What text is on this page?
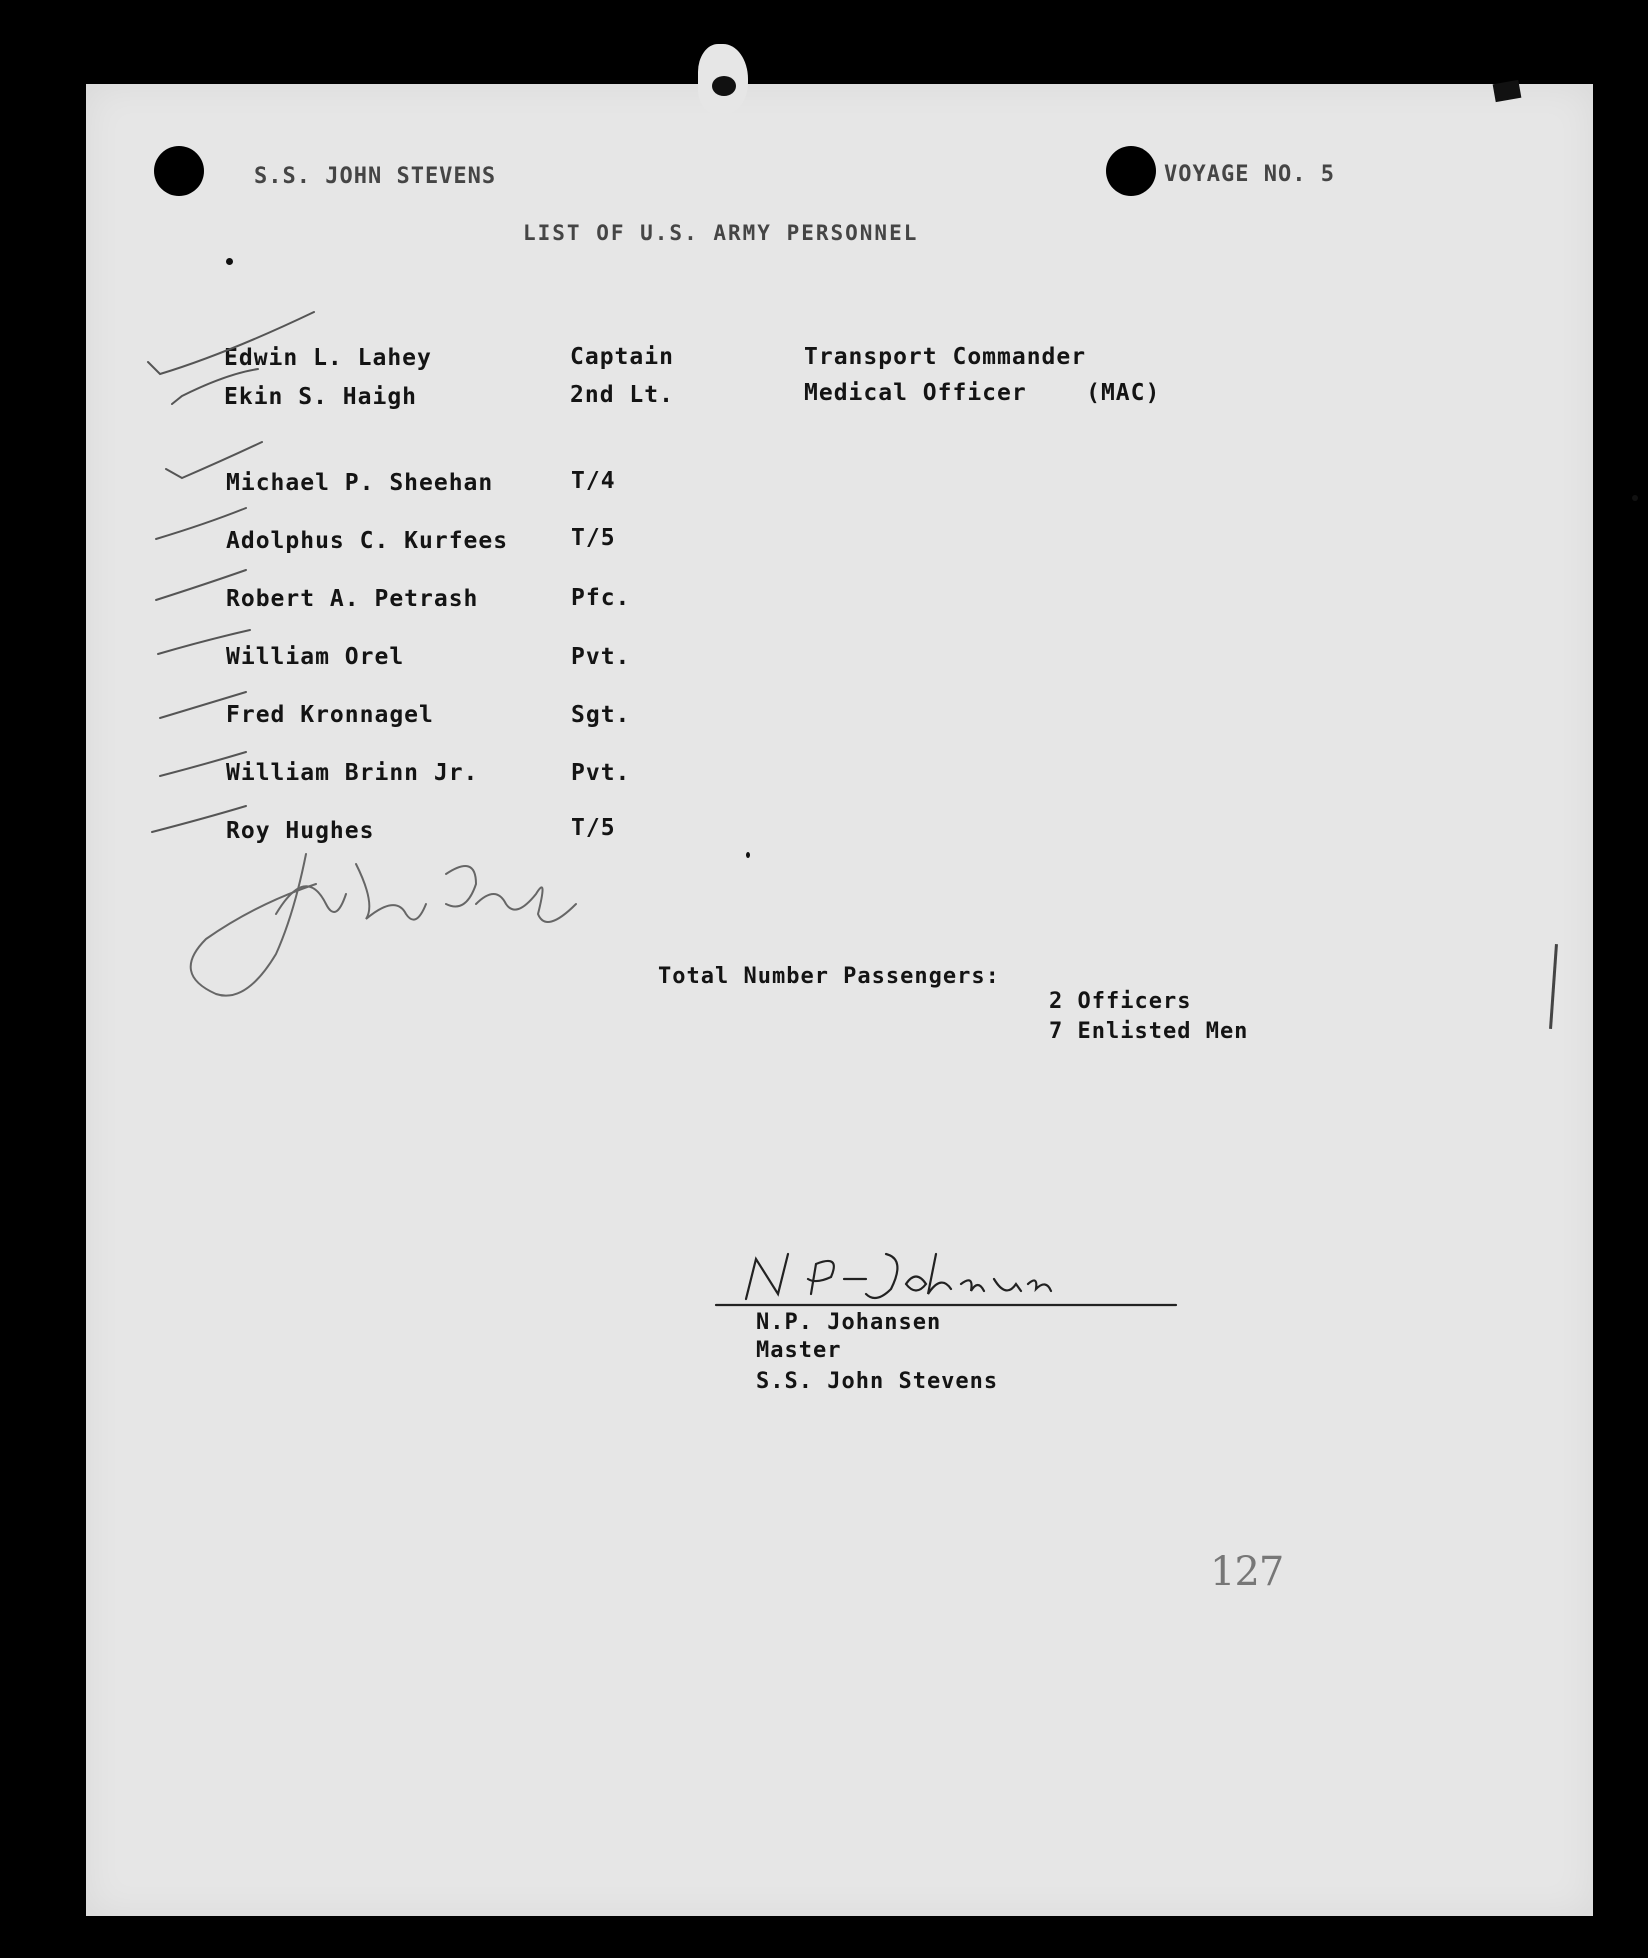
S.S. JOHN STEVENS	VOYAGE NO. 5
LIST OF U.S. ARMY PERSONNEL
Edwin L. Lahey	Captain	Transport Commander
Ekin S. Haigh	2nd Lt.	Medical Officer    (MAC)
Michael P. Sheehan	T/4
Adolphus C. Kurfees	T/5
Robert A. Petrash	Pfc.
William Orel	Pvt.
Fred Kronnagel	Sgt.
William Brinn Jr.	Pvt.
Roy Hughes	T/5
Total Number Passengers:
2 Officers
7 Enlisted Men
N.P. Johansen
Master
S.S. John Stevens
127
